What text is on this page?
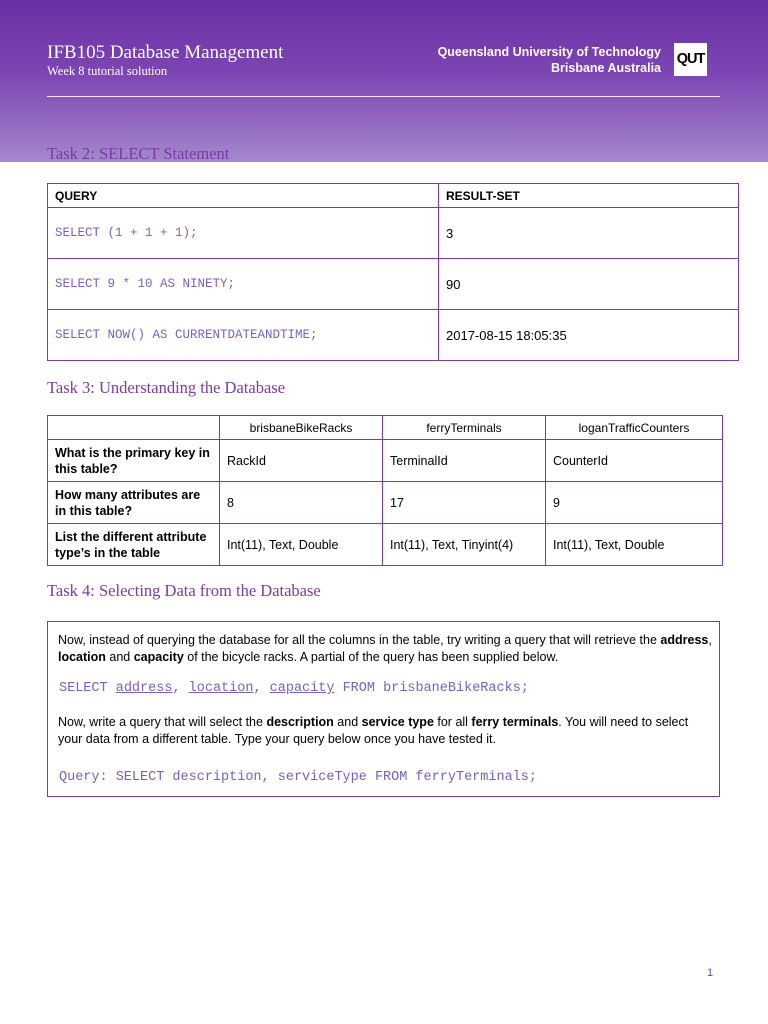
IFB105 Database Management
Week 8 tutorial solution
Queensland University of Technology
Brisbane Australia
QUT
Task 2: SELECT Statement
QUERY	RESULT-SET
SELECT (1 + 1 + 1);	3
SELECT 9 * 10 AS NINETY;	90
SELECT NOW() AS CURRENTDATEANDTIME;	2017-08-15 18:05:35
Task 3: Understanding the Database
	brisbaneBikeRacks	ferryTerminals	loganTrafficCounters
What is the primary key in this table?	RackId	TerminalId	CounterId
How many attributes are in this table?	8	17	9
List the different attribute type’s in the table	Int(11), Text, Double	Int(11), Text, Tinyint(4)	Int(11), Text, Double
Task 4: Selecting Data from the Database
Now, instead of querying the database for all the columns in the table, try writing a query that will retrieve the address, location and capacity of the bicycle racks. A partial of the query has been supplied below.
SELECT address, location, capacity FROM brisbaneBikeRacks;
Now, write a query that will select the description and service type for all ferry terminals. You will need to select your data from a different table. Type your query below once you have tested it.
Query: SELECT description, serviceType FROM ferryTerminals;
1
